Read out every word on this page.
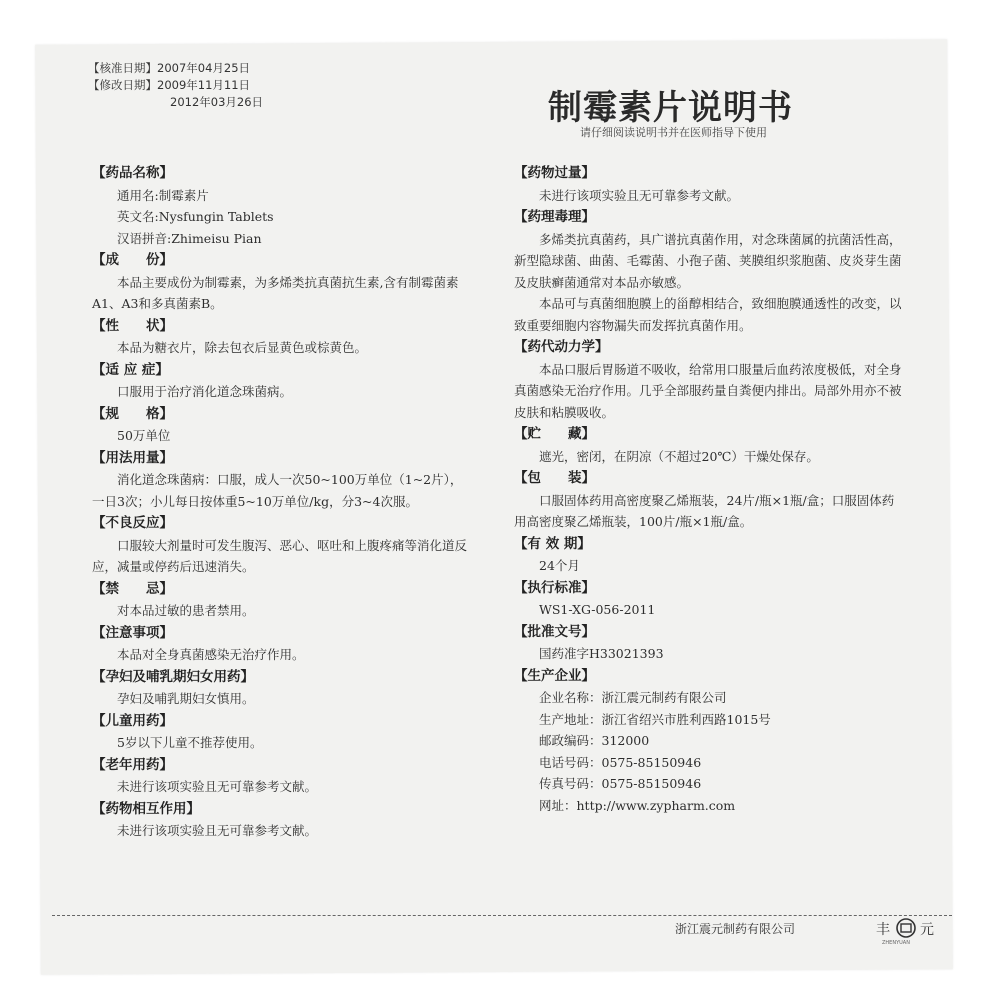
【核准日期】2007年04月25日
【修改日期】2009年11月11日
2012年03月26日	制霉素片说明书
请仔细阅读说明书并在医师指导下使用
【药品名称】

通用名:制霉素片

英文名:Nysfungin Tablets

汉语拼音:Zhimeisu Pian

【成　　份】

本品主要成份为制霉素，为多烯类抗真菌抗生素,含有制霉菌素A1、A3和多真菌素B。

【性　　状】

本品为糖衣片，除去包衣后显黄色或棕黄色。

【适 应 症】

口服用于治疗消化道念珠菌病。

【规　　格】

50万单位

【用法用量】

消化道念珠菌病：口服，成人一次50~100万单位（1~2片），一日3次；小儿每日按体重5~10万单位/kg，分3~4次服。

【不良反应】

口服较大剂量时可发生腹泻、恶心、呕吐和上腹疼痛等消化道反应，减量或停药后迅速消失。

【禁　　忌】

对本品过敏的患者禁用。

【注意事项】

本品对全身真菌感染无治疗作用。

【孕妇及哺乳期妇女用药】

孕妇及哺乳期妇女慎用。

【儿童用药】

5岁以下儿童不推荐使用。

【老年用药】

未进行该项实验且无可靠参考文献。

【药物相互作用】

未进行该项实验且无可靠参考文献。

【药物过量】

未进行该项实验且无可靠参考文献。

【药理毒理】

多烯类抗真菌药，具广谱抗真菌作用，对念珠菌属的抗菌活性高，新型隐球菌、曲菌、毛霉菌、小孢子菌、荚膜组织浆胞菌、皮炎芽生菌及皮肤癣菌通常对本品亦敏感。

本品可与真菌细胞膜上的甾醇相结合，致细胞膜通透性的改变，以致重要细胞内容物漏失而发挥抗真菌作用。

【药代动力学】

本品口服后胃肠道不吸收，给常用口服量后血药浓度极低，对全身真菌感染无治疗作用。几乎全部服药量自粪便内排出。局部外用亦不被皮肤和粘膜吸收。

【贮　　藏】

遮光，密闭，在阴凉（不超过20℃）干燥处保存。

【包　　装】

口服固体药用高密度聚乙烯瓶装，24片/瓶×1瓶/盒；口服固体药用高密度聚乙烯瓶装，100片/瓶×1瓶/盒。

【有 效 期】

24个月

【执行标准】

WS1-XG-056-2011

【批准文号】

国药准字H33021393

【生产企业】

企业名称：浙江震元制药有限公司

生产地址：浙江省绍兴市胜利西路1015号

邮政编码：312000

电话号码：0575-85150946

传真号码：0575-85150946

网址：http://www.zypharm.com

浙江震元制药有限公司	丰 元
ZHENYUAN
